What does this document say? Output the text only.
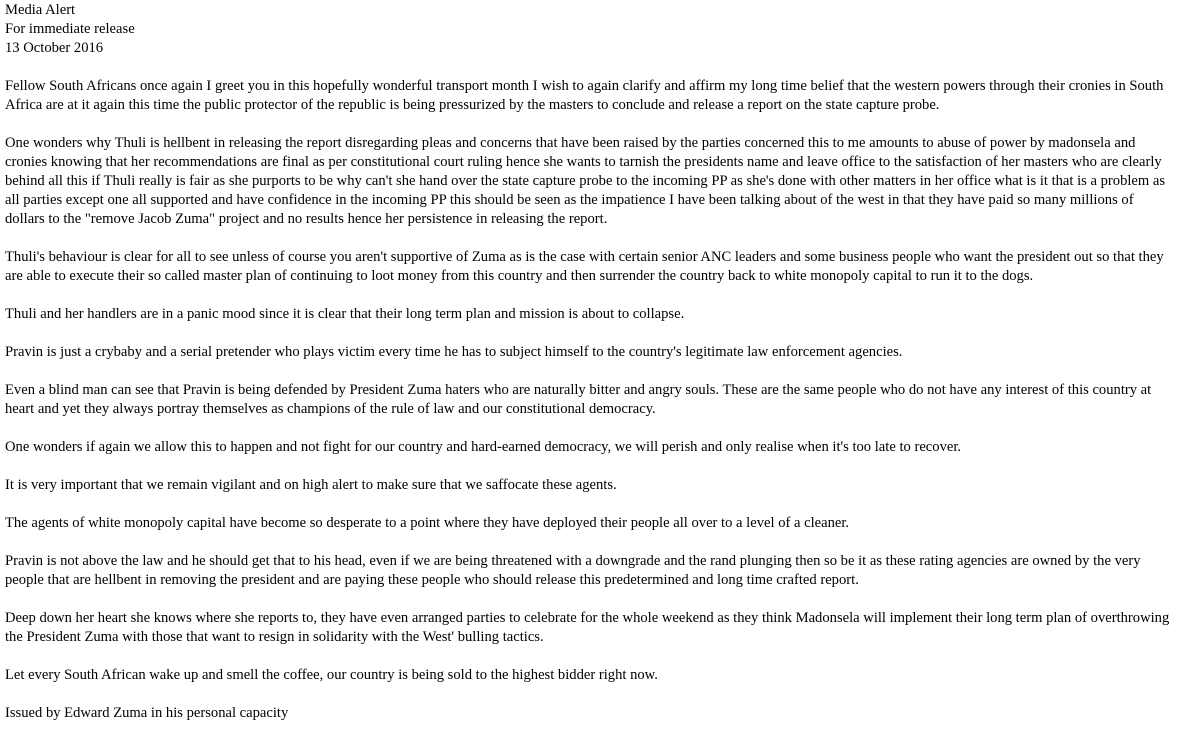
Media Alert
For immediate release
13 October 2016

Fellow South Africans once again I greet you in this hopefully wonderful transport month I wish to again clarify and affirm my long time belief that the western powers through their cronies in South Africa are at it again this time the public protector of the republic is being pressurized by the masters to conclude and release a report on the state capture probe.

One wonders why Thuli is hellbent in releasing the report disregarding pleas and concerns that have been raised by the parties concerned this to me amounts to abuse of power by madonsela and cronies knowing that her recommendations are final as per constitutional court ruling hence she wants to tarnish the presidents name and leave office to the satisfaction of her masters who are clearly behind all this if Thuli really is fair as she purports to be why can't she hand over the state capture probe to the incoming PP as she's done with other matters in her office what is it that is a problem as all parties except one all supported and have confidence in the incoming PP this should be seen as the impatience I have been talking about of the west in that they have paid so many millions of dollars to the "remove Jacob Zuma" project and no results hence her persistence in releasing the report.

Thuli's behaviour is clear for all to see unless of course you aren't supportive of Zuma as is the case with certain senior ANC leaders and some business people who want the president out so that they are able to execute their so called master plan of continuing to loot money from this country and then surrender the country back to white monopoly capital to run it to the dogs.

Thuli and her handlers are in a panic mood since it is clear that their long term plan and mission is about to collapse.

Pravin is just a crybaby and a serial pretender who plays victim every time he has to subject himself to the country's legitimate law enforcement agencies.

Even a blind man can see that Pravin is being defended by President Zuma haters who are naturally bitter and angry souls. These are the same people who do not have any interest of this country at heart and yet they always portray themselves as champions of the rule of law and our constitutional democracy.

One wonders if again we allow this to happen and not fight for our country and hard-earned democracy, we will perish and only realise when it's too late to recover.

It is very important that we remain vigilant and on high alert to make sure that we saffocate these agents.

The agents of white monopoly capital have become so desperate to a point where they have deployed their people all over to a level of a cleaner.

Pravin is not above the law and he should get that to his head, even if we are being threatened with a downgrade and the rand plunging then so be it as these rating agencies are owned by the very people that are hellbent in removing the president and are paying these people who should release this predetermined and long time crafted report.

Deep down her heart she knows where she reports to, they have even arranged parties to celebrate for the whole weekend as they think Madonsela will implement their long term plan of overthrowing the President Zuma with those that want to resign in solidarity with the West' bulling tactics.

Let every South African wake up and smell the coffee, our country is being sold to the highest bidder right now.

Issued by Edward Zuma in his personal capacity
